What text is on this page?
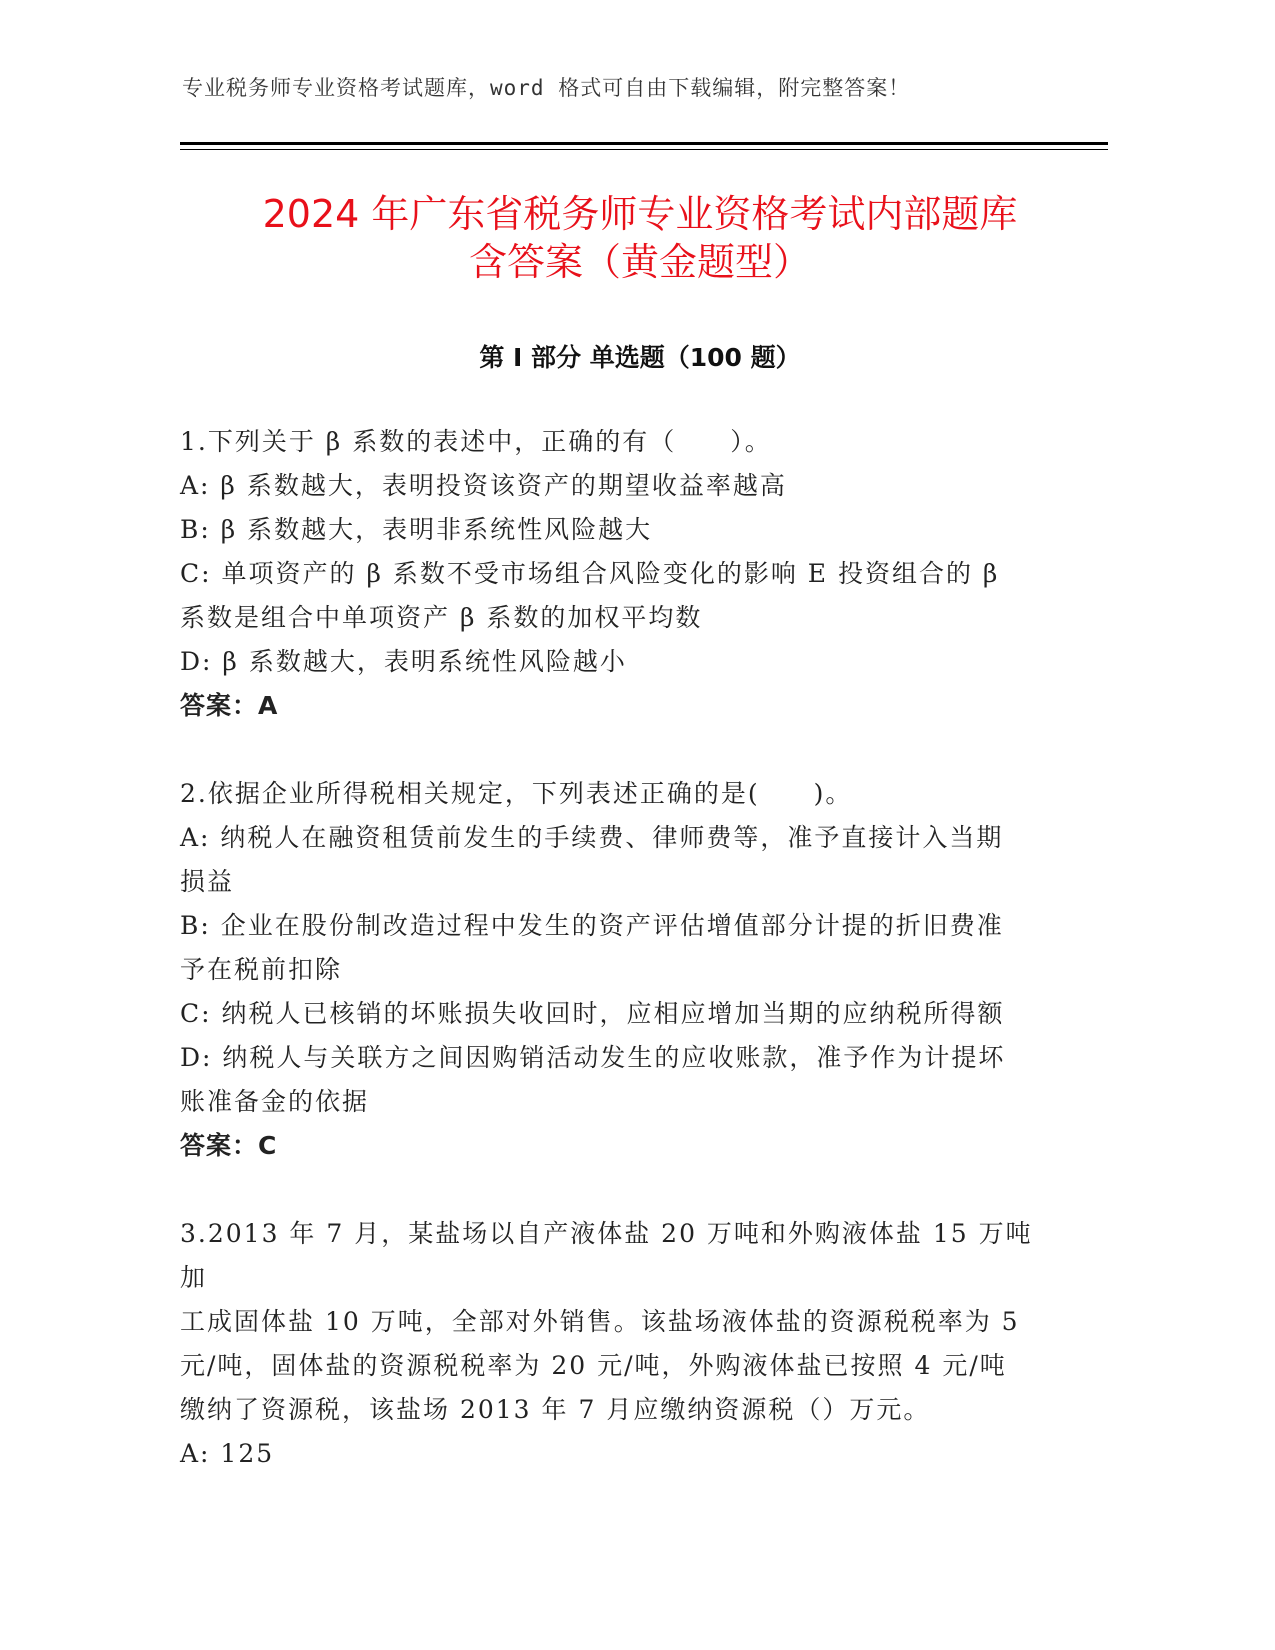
专业税务师专业资格考试题库，word 格式可自由下载编辑，附完整答案！
2024 年广东省税务师专业资格考试内部题库
含答案（黄金题型）
第 I 部分 单选题（100 题）

1.下列关于 β 系数的表述中，正确的有（　　）。

A: β 系数越大，表明投资该资产的期望收益率越高

B: β 系数越大，表明非系统性风险越大

C: 单项资产的 β 系数不受市场组合风险变化的影响 E 投资组合的 β

系数是组合中单项资产 β 系数的加权平均数

D: β 系数越大，表明系统性风险越小

答案：A

2.依据企业所得税相关规定，下列表述正确的是(　　)。

A: 纳税人在融资租赁前发生的手续费、律师费等，准予直接计入当期

损益

B: 企业在股份制改造过程中发生的资产评估增值部分计提的折旧费准

予在税前扣除

C: 纳税人已核销的坏账损失收回时，应相应增加当期的应纳税所得额

D: 纳税人与关联方之间因购销活动发生的应收账款，准予作为计提坏

账准备金的依据

答案：C

3.2013 年 7 月，某盐场以自产液体盐 20 万吨和外购液体盐 15 万吨加

工成固体盐 10 万吨，全部对外销售。该盐场液体盐的资源税税率为 5

元/吨，固体盐的资源税税率为 20 元/吨，外购液体盐已按照 4 元/吨

缴纳了资源税，该盐场 2013 年 7 月应缴纳资源税（）万元。

A: 125
